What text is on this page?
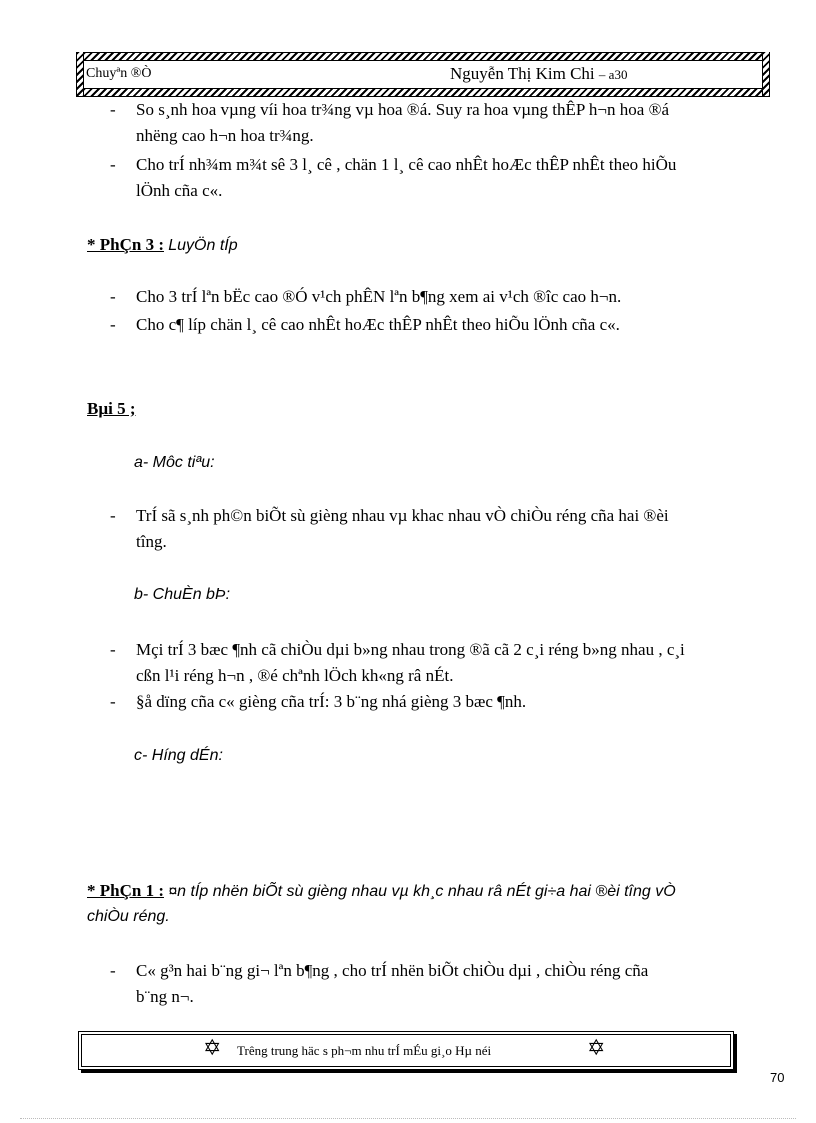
Chuyªn ®Ò	Nguyễn Thị Kim Chi – a30
- So s¸nh hoa vµng víi hoa tr¾ng vµ hoa ®á. Suy ra hoa vµng thÊP h¬n hoa ®á
nhëng cao h¬n hoa tr¾ng.
- Cho trÍ nh¾m m¾t sê 3 l¸ cê , chän 1 l¸ cê cao nhÊt hoÆc thÊP nhÊt theo hiÕu
lÖnh cña c«.
* PhÇn 3 : LuyÖn tÍp
- Cho 3 trÍ lªn bËc cao ®Ó v¹ch phÊN lªn b¶ng xem ai v¹ch ®îc cao h¬n.
- Cho c¶ líp chän l¸ cê cao nhÊt hoÆc thÊP nhÊt theo hiÕu lÖnh cña c«.
Bµi 5 ;
a- Môc tiªu:
- TrÍ sã s¸nh ph©n biÕt sù gièng nhau vµ khac nhau vÒ chiÒu réng cña hai ®èi
tîng.
b- ChuÈn bÞ:
- Mçi trÍ 3 bæc ¶nh cã chiÒu dµi b»ng nhau trong ®ã cã 2 c¸i réng b»ng nhau , c¸i
cßn l¹i réng h¬n , ®é chªnh lÖch kh«ng râ nÉt.
- §å dïng cña c« gièng cña trÍ: 3 b¨ng nhá gièng 3 bæc ¶nh.
c- Híng dÉn:
* PhÇn 1 : ¤n tÍp nhën biÕt sù gièng nhau vµ kh¸c nhau râ nÉt gi÷a hai ®èi tîng vÒ
chiÒu réng.
- C« g³n hai b¨ng gi¬ lªn b¶ng , cho trÍ nhën biÕt chiÒu dµi , chiÒu réng cña
b¨ng n¬.
✡ Trêng trung häc s ph¬m nhu trÍ mÉu gi¸o Hµ néi	✡
70
